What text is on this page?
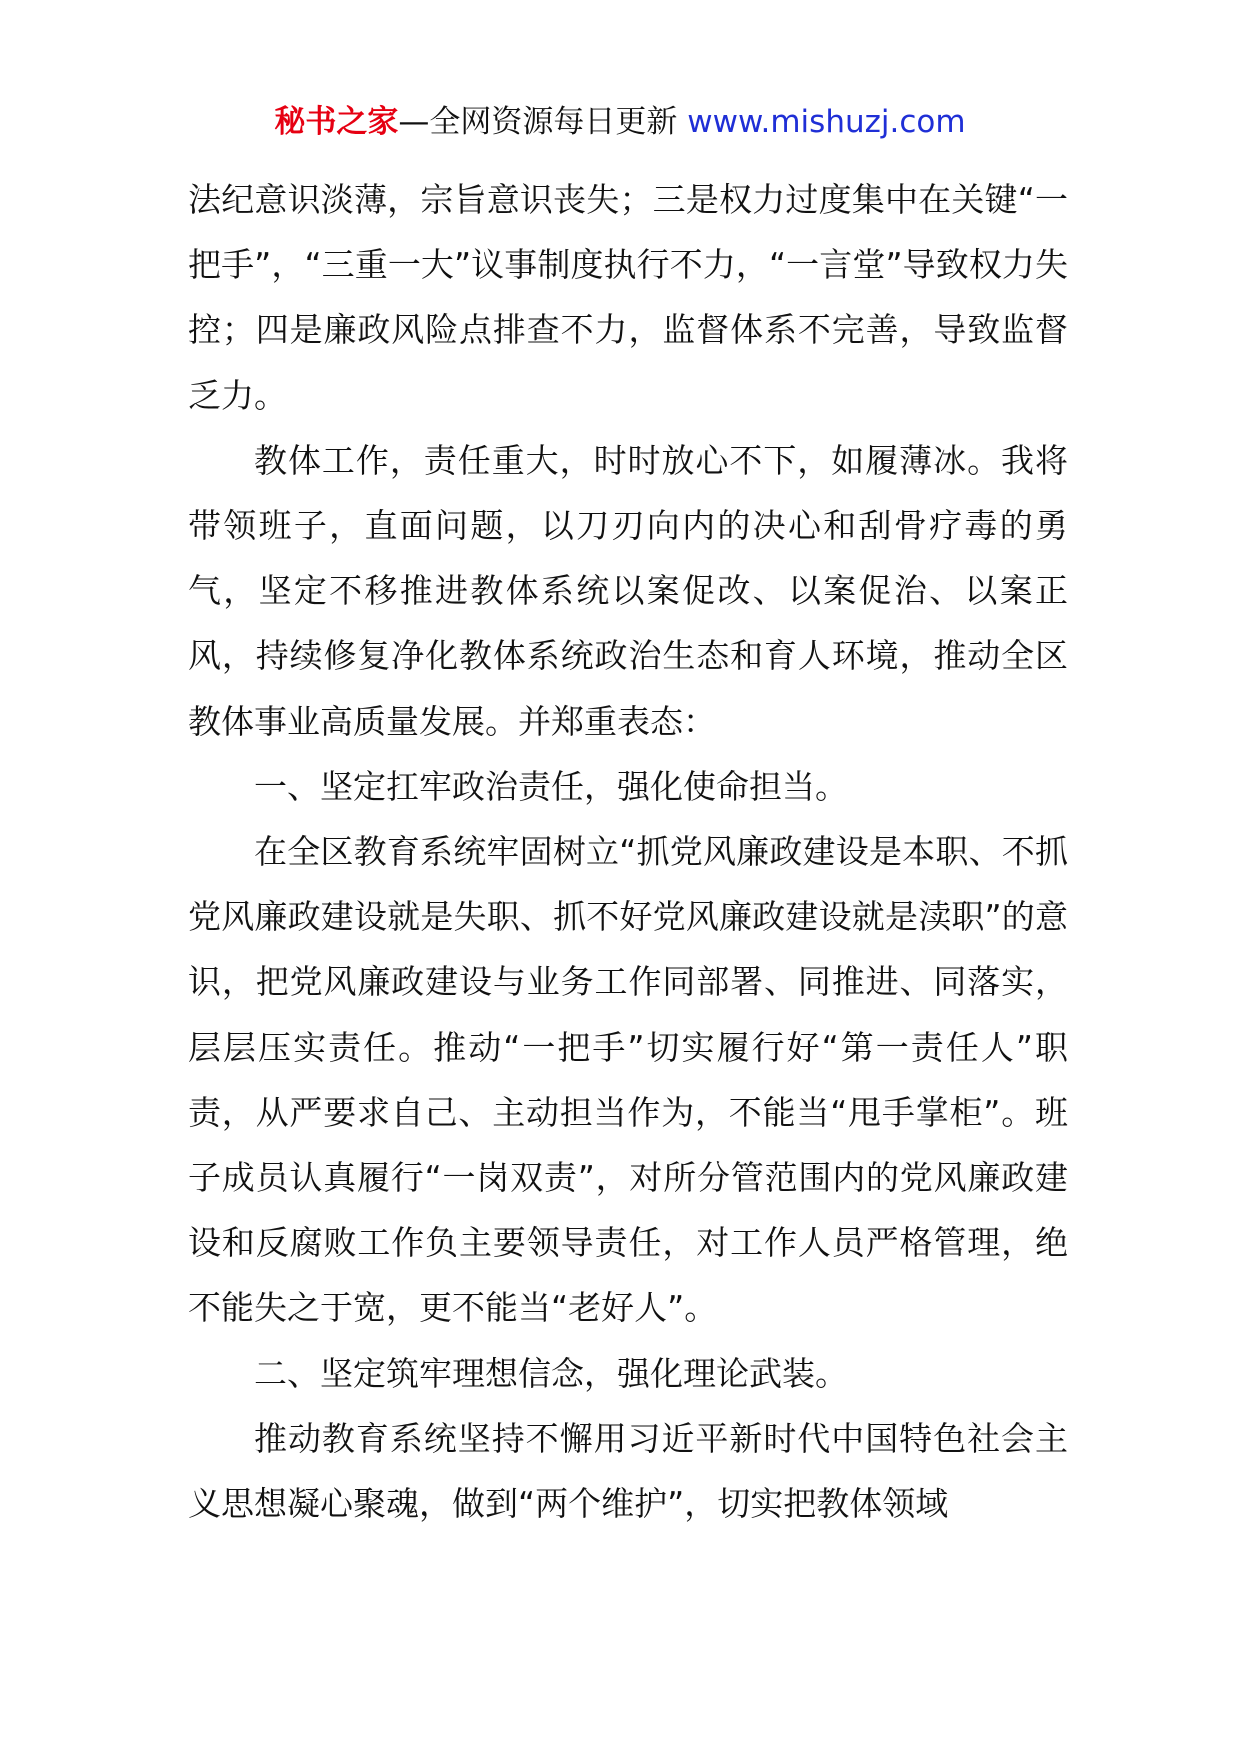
秘书之家—全网资源每日更新 www.mishuzj.com

法纪意识淡薄，宗旨意识丧失；三是权力过度集中在关键“一把手”，“三重一大”议事制度执行不力，“一言堂”导致权力失控；四是廉政风险点排查不力，监督体系不完善，导致监督乏力。

教体工作，责任重大，时时放心不下，如履薄冰。我将带领班子，直面问题，以刀刃向内的决心和刮骨疗毒的勇气，坚定不移推进教体系统以案促改、以案促治、以案正风，持续修复净化教体系统政治生态和育人环境，推动全区教体事业高质量发展。并郑重表态：

一、坚定扛牢政治责任，强化使命担当。

在全区教育系统牢固树立“抓党风廉政建设是本职、不抓党风廉政建设就是失职、抓不好党风廉政建设就是渎职”的意识，把党风廉政建设与业务工作同部署、同推进、同落实，层层压实责任。推动“一把手”切实履行好“第一责任人”职责，从严要求自己、主动担当作为，不能当“甩手掌柜”。班子成员认真履行“一岗双责”，对所分管范围内的党风廉政建设和反腐败工作负主要领导责任，对工作人员严格管理，绝不能失之于宽，更不能当“老好人”。

二、坚定筑牢理想信念，强化理论武装。

推动教育系统坚持不懈用习近平新时代中国特色社会主义思想凝心聚魂，做到“两个维护”，切实把教体领域
